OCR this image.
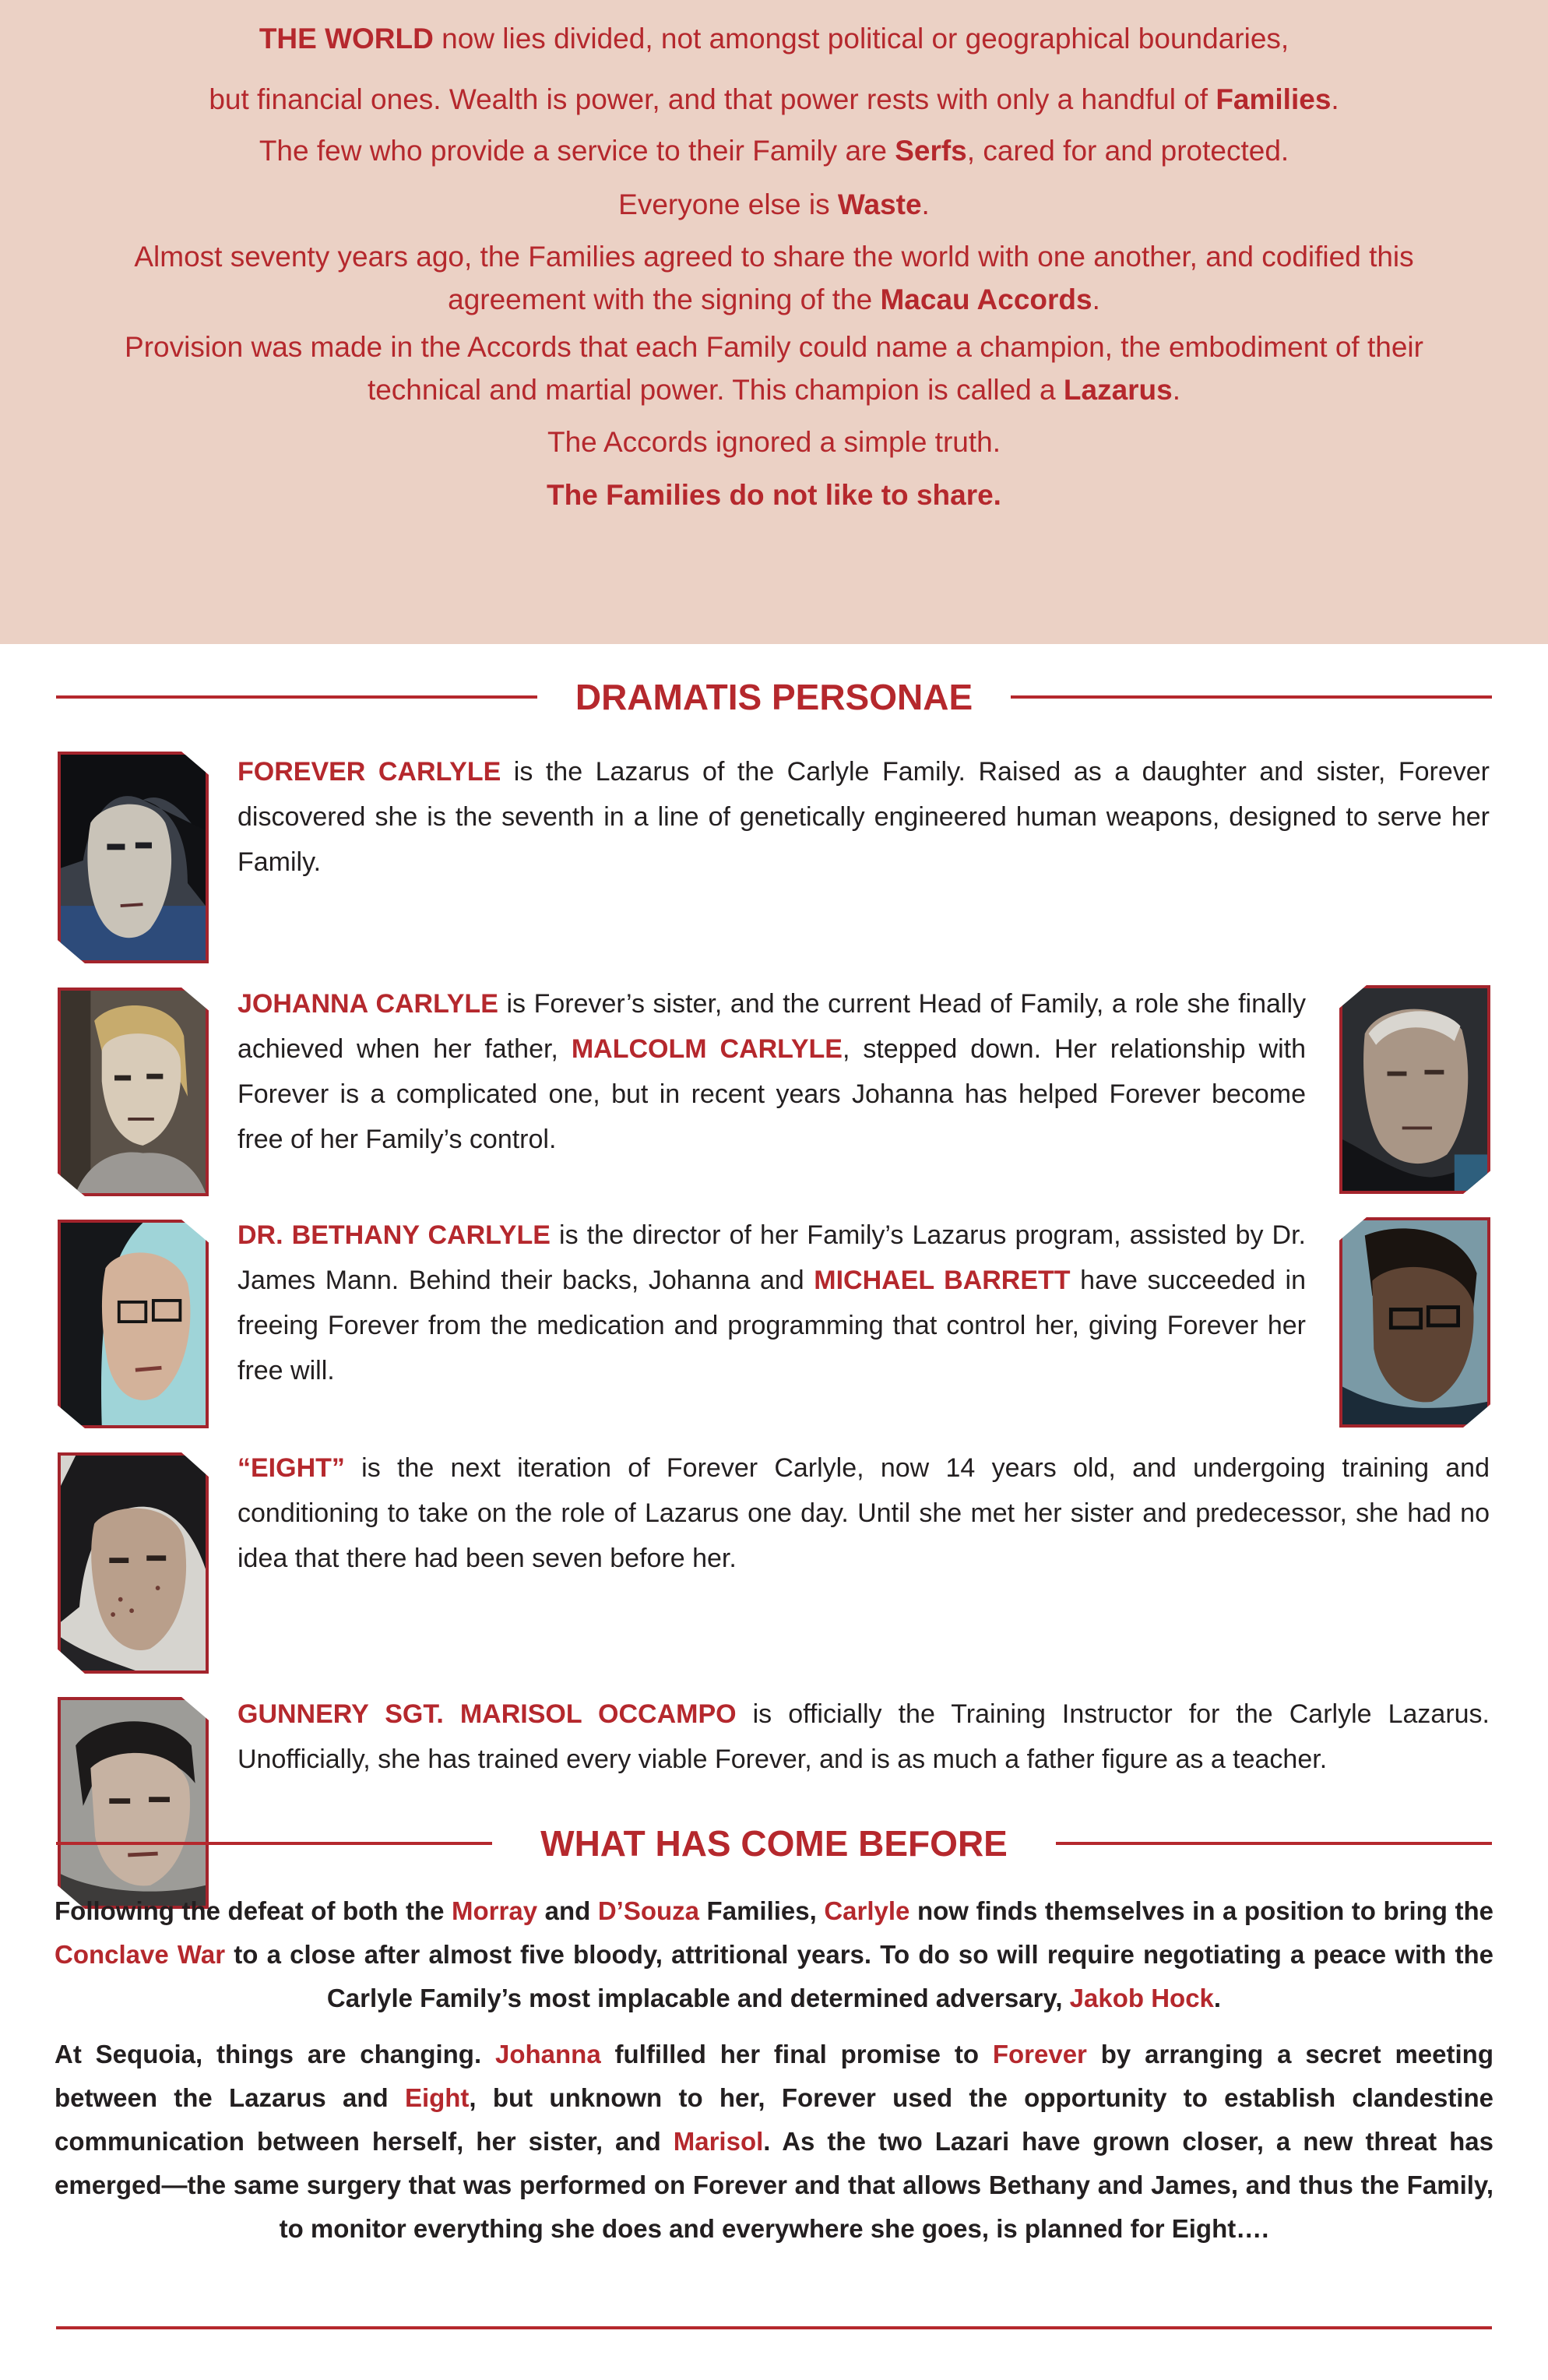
THE WORLD now lies divided, not amongst political or geographical boundaries,

but financial ones. Wealth is power, and that power rests with only a handful of Families.

The few who provide a service to their Family are Serfs, cared for and protected.

Everyone else is Waste.

Almost seventy years ago, the Families agreed to share the world with one another, and codified this agreement with the signing of the Macau Accords.

Provision was made in the Accords that each Family could name a champion, the embodiment of their technical and martial power. This champion is called a Lazarus.

The Accords ignored a simple truth.

The Families do not like to share.

DRAMATIS PERSONAE

FOREVER CARLYLE is the Lazarus of the Carlyle Family. Raised as a daughter and sister, Forever discovered she is the seventh in a line of genetically engineered human weapons, designed to serve her Family.

JOHANNA CARLYLE is Forever’s sister, and the current Head of Family, a role she finally achieved when her father, MALCOLM CARLYLE, stepped down. Her relationship with Forever is a complicated one, but in recent years Johanna has helped Forever become free of her Family’s control.

DR. BETHANY CARLYLE is the director of her Family’s Lazarus program, assisted by Dr. James Mann. Behind their backs, Johanna and MICHAEL BARRETT have succeeded in freeing Forever from the medication and programming that control her, giving Forever her free will.

“EIGHT” is the next iteration of Forever Carlyle, now 14 years old, and undergoing training and conditioning to take on the role of Lazarus one day. Until she met her sister and predecessor, she had no idea that there had been seven before her.

GUNNERY SGT. MARISOL OCCAMPO is officially the Training Instructor for the Carlyle Lazarus. Unofficially, she has trained every viable Forever, and is as much a father figure as a teacher.

WHAT HAS COME BEFORE

Following the defeat of both the Morray and D’Souza Families, Carlyle now finds themselves in a position to bring the Conclave War to a close after almost five bloody, attritional years. To do so will require negotiating a peace with the Carlyle Family’s most implacable and determined adversary, Jakob Hock.

At Sequoia, things are changing. Johanna fulfilled her final promise to Forever by arranging a secret meeting between the Lazarus and Eight, but unknown to her, Forever used the opportunity to establish clandestine communication between herself, her sister, and Marisol. As the two Lazari have grown closer, a new threat has emerged—the same surgery that was performed on Forever and that allows Bethany and James, and thus the Family, to monitor everything she does and everywhere she goes, is planned for Eight….
